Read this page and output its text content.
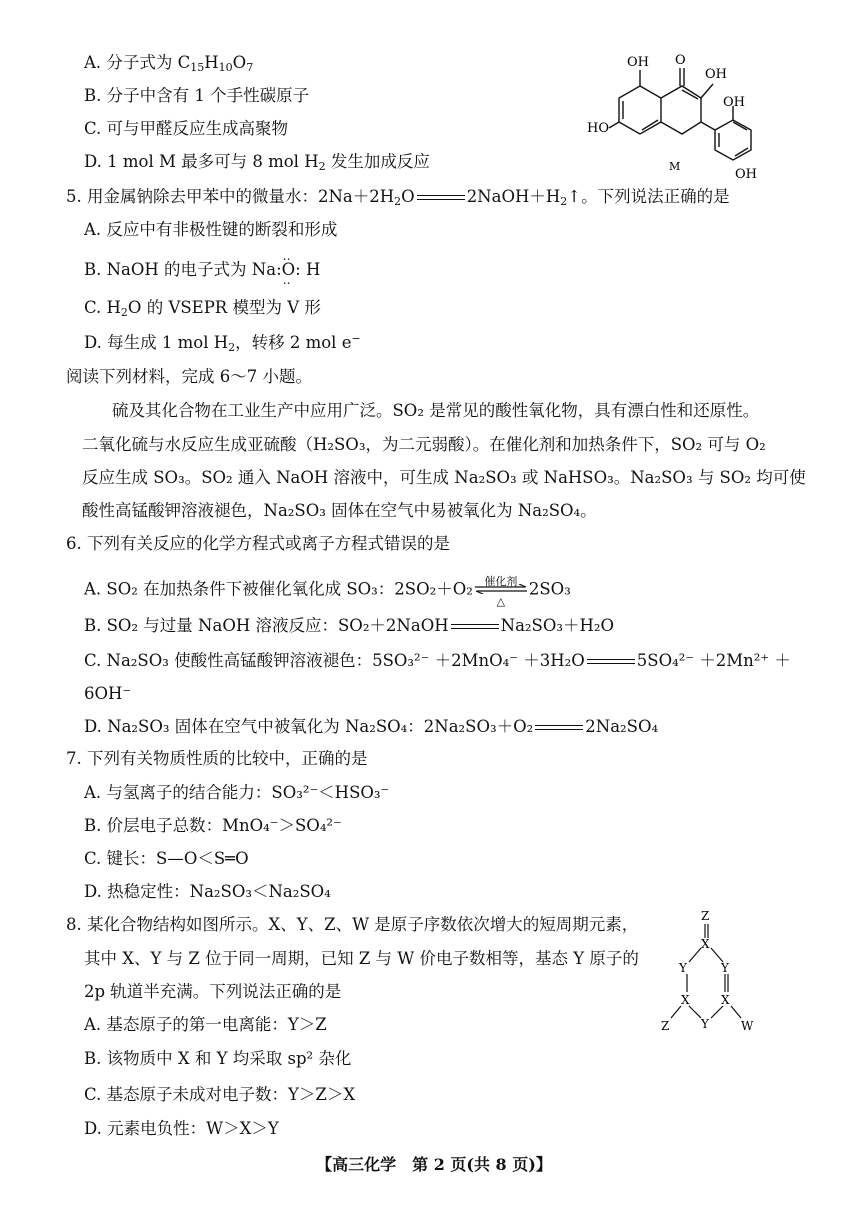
A. 分子式为 $C_{15}H_{10}O_7$
B. 分子中含有 1 个手性碳原子
C. 可与甲醛反应生成高聚物
D. 1 mol M 最多可与 8 mol $H_2$ 发生加成反应
O
OH
OH
OH
OH
HO
M
5. 用金属钠除去甲苯中的微量水：$2Na+2H_2O$	$2NaOH+H_2↑$。下列说法正确的是
A. 反应中有非极性键的断裂和形成
B. NaOH 的电子式为 Na:‥ O ‥: H
C. $H_2O$ 的 VSEPR 模型为 V 形
D. 每生成 1 mol $H_2$，转移 2 mol e−
阅读下列材料，完成 6～7 小题。
硫及其化合物在工业生产中应用广泛。SO₂ 是常见的酸性氧化物，具有漂白性和还原性。
二氧化硫与水反应生成亚硫酸（H₂SO₃，为二元弱酸）。在催化剂和加热条件下，SO₂ 可与 O₂
反应生成 SO₃。SO₂ 通入 NaOH 溶液中，可生成 Na₂SO₃ 或 NaHSO₃。Na₂SO₃ 与 SO₂ 均可使
酸性高锰酸钾溶液褪色，Na₂SO₃ 固体在空气中易被氧化为 Na₂SO₄。
6. 下列有关反应的化学方程式或离子方程式错误的是
A. SO₂ 在加热条件下被催化氧化成 SO₃：2SO₂＋O₂	催化剂
△
2SO₃
B. SO₂ 与过量 NaOH 溶液反应：SO₂＋2NaOH	Na₂SO₃＋H₂O
C. Na₂SO₃ 使酸性高锰酸钾溶液褪色：5SO₃²⁻ ＋2MnO₄⁻ ＋3H₂O	5SO₄²⁻ ＋2Mn²⁺ ＋
6OH⁻
D. Na₂SO₃ 固体在空气中被氧化为 Na₂SO₄：2Na₂SO₃＋O₂	2Na₂SO₄
7. 下列有关物质性质的比较中，正确的是
A. 与氢离子的结合能力：SO₃²⁻＜HSO₃⁻
B. 价层电子总数：MnO₄⁻＞SO₄²⁻
C. 键长：S—O＜S═O
D. 热稳定性：Na₂SO₃＜Na₂SO₄
8. 某化合物结构如图所示。X、Y、Z、W 是原子序数依次增大的短周期元素，
其中 X、Y 与 Z 位于同一周期，已知 Z 与 W 价电子数相等，基态 Y 原子的
2p 轨道半充满。下列说法正确的是
A. 基态原子的第一电离能：Y＞Z
B. 该物质中 X 和 Y 均采取 sp² 杂化
C. 基态原子未成对电子数：Y＞Z＞X
D. 元素电负性：W＞X＞Y
Z
X
Y	Y
X	X
Y
Z	W
【高三化学　第 2 页(共 8 页)】
